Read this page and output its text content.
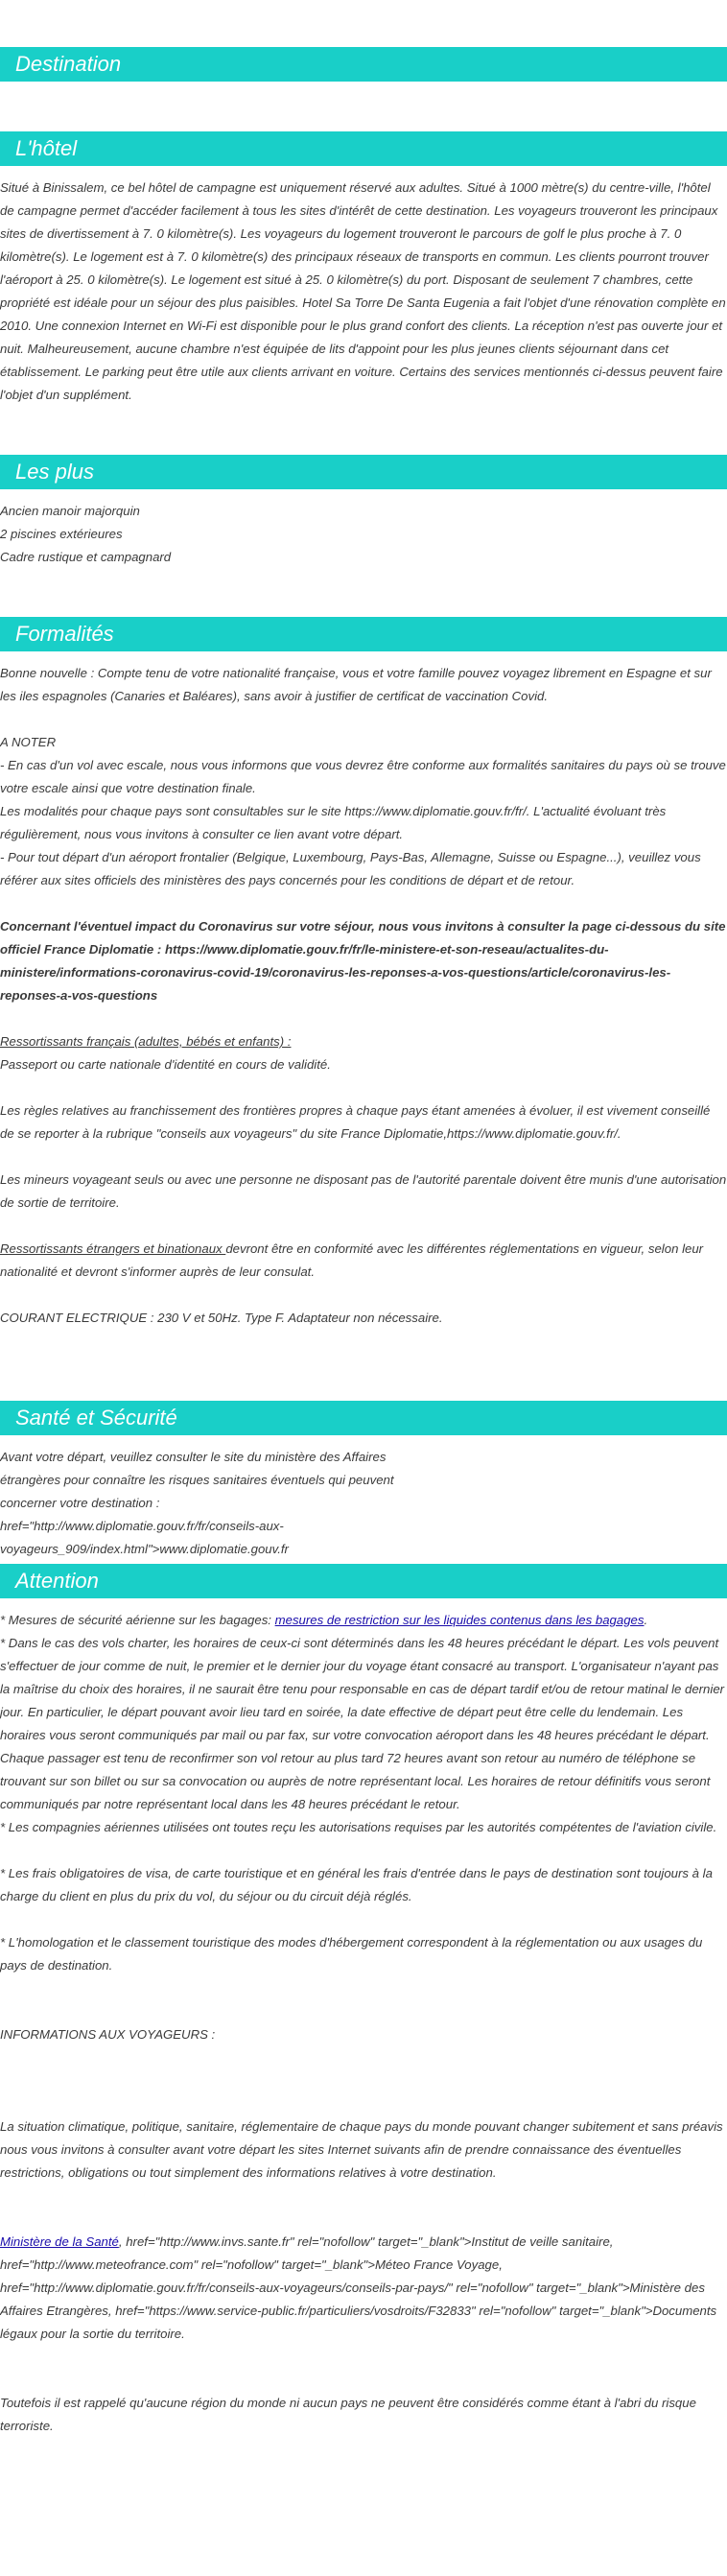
Destination
L'hôtel

Situé à Binissalem, ce bel hôtel de campagne est uniquement réservé aux adultes. Situé à 1000 mètre(s) du centre-ville, l'hôtel de campagne permet d'accéder facilement à tous les sites d'intérêt de cette destination. Les voyageurs trouveront les principaux sites de divertissement à 7. 0 kilomètre(s). Les voyageurs du logement trouveront le parcours de golf le plus proche à 7. 0 kilomètre(s). Le logement est à 7. 0 kilomètre(s) des principaux réseaux de transports en commun. Les clients pourront trouver l'aéroport à 25. 0 kilomètre(s). Le logement est situé à 25. 0 kilomètre(s) du port. Disposant de seulement 7 chambres, cette propriété est idéale pour un séjour des plus paisibles. Hotel Sa Torre De Santa Eugenia a fait l'objet d'une rénovation complète en 2010. Une connexion Internet en Wi-Fi est disponible pour le plus grand confort des clients. La réception n'est pas ouverte jour et nuit. Malheureusement, aucune chambre n'est équipée de lits d'appoint pour les plus jeunes clients séjournant dans cet établissement. Le parking peut être utile aux clients arrivant en voiture. Certains des services mentionnés ci-dessus peuvent faire l'objet d'un supplément.

Les plus

Ancien manoir majorquin

2 piscines extérieures

Cadre rustique et campagnard

Formalités

Bonne nouvelle : Compte tenu de votre nationalité française, vous et votre famille pouvez voyagez librement en Espagne et sur les iles espagnoles (Canaries et Baléares), sans avoir à justifier de certificat de vaccination Covid.

A NOTER

- En cas d'un vol avec escale, nous vous informons que vous devrez être conforme aux formalités sanitaires du pays où se trouve votre escale ainsi que votre destination finale.

Les modalités pour chaque pays sont consultables sur le site https://www.diplomatie.gouv.fr/fr/. L'actualité évoluant très régulièrement, nous vous invitons à consulter ce lien avant votre départ.

- Pour tout départ d'un aéroport frontalier (Belgique, Luxembourg, Pays-Bas, Allemagne, Suisse ou Espagne...), veuillez vous référer aux sites officiels des ministères des pays concernés pour les conditions de départ et de retour.

Concernant l'éventuel impact du Coronavirus sur votre séjour, nous vous invitons à consulter la page ci-dessous du site officiel France Diplomatie : https://www.diplomatie.gouv.fr/fr/le-ministere-et-son-reseau/actualites-du-ministere/informations-coronavirus-covid-19/coronavirus-les-reponses-a-vos-questions/article/coronavirus-les-reponses-a-vos-questions

Ressortissants français (adultes, bébés et enfants) :

Passeport ou carte nationale d'identité en cours de validité.

Les règles relatives au franchissement des frontières propres à chaque pays étant amenées à évoluer, il est vivement conseillé de se reporter à la rubrique "conseils aux voyageurs" du site France Diplomatie,https://www.diplomatie.gouv.fr/.

Les mineurs voyageant seuls ou avec une personne ne disposant pas de l'autorité parentale doivent être munis d'une autorisation de sortie de territoire.

Ressortissants étrangers et binationaux devront être en conformité avec les différentes réglementations en vigueur, selon leur nationalité et devront s'informer auprès de leur consulat.

COURANT ELECTRIQUE : 230 V et 50Hz. Type F. Adaptateur non nécessaire.

Santé et Sécurité

Avant votre départ, veuillez consulter le site du ministère des Affaires étrangères pour connaître les risques sanitaires éventuels qui peuvent concerner votre destination : href="http://www.diplomatie.gouv.fr/fr/conseils-aux-voyageurs_909/index.html">www.diplomatie.gouv.fr

Attention

* Mesures de sécurité aérienne sur les bagages: mesures de restriction sur les liquides contenus dans les bagages.

* Dans le cas des vols charter, les horaires de ceux-ci sont déterminés dans les 48 heures précédant le départ. Les vols peuvent s'effectuer de jour comme de nuit, le premier et le dernier jour du voyage étant consacré au transport. L'organisateur n'ayant pas la maîtrise du choix des horaires, il ne saurait être tenu pour responsable en cas de départ tardif et/ou de retour matinal le dernier jour. En particulier, le départ pouvant avoir lieu tard en soirée, la date effective de départ peut être celle du lendemain. Les horaires vous seront communiqués par mail ou par fax, sur votre convocation aéroport dans les 48 heures précédant le départ. Chaque passager est tenu de reconfirmer son vol retour au plus tard 72 heures avant son retour au numéro de téléphone se trouvant sur son billet ou sur sa convocation ou auprès de notre représentant local. Les horaires de retour définitifs vous seront communiqués par notre représentant local dans les 48 heures précédant le retour.

* Les compagnies aériennes utilisées ont toutes reçu les autorisations requises par les autorités compétentes de l'aviation civile.

* Les frais obligatoires de visa, de carte touristique et en général les frais d'entrée dans le pays de destination sont toujours à la charge du client en plus du prix du vol, du séjour ou du circuit déjà réglés.

* L'homologation et le classement touristique des modes d'hébergement correspondent à la réglementation ou aux usages du pays de destination.

INFORMATIONS AUX VOYAGEURS :

La situation climatique, politique, sanitaire, réglementaire de chaque pays du monde pouvant changer subitement et sans préavis

nous vous invitons à consulter avant votre départ les sites Internet suivants afin de prendre connaissance des éventuelles restrictions, obligations ou tout simplement des informations relatives à votre destination.

Ministère de la Santé, href="http://www.invs.sante.fr" rel="nofollow" target="_blank">Institut de veille sanitaire, href="http://www.meteofrance.com" rel="nofollow" target="_blank">Méteo France Voyage, href="http://www.diplomatie.gouv.fr/fr/conseils-aux-voyageurs/conseils-par-pays/" rel="nofollow" target="_blank">Ministère des Affaires Etrangères, href="https://www.service-public.fr/particuliers/vosdroits/F32833" rel="nofollow" target="_blank">Documents légaux pour la sortie du territoire.

Toutefois il est rappelé qu'aucune région du monde ni aucun pays ne peuvent être considérés comme étant à l'abri du risque terroriste.
